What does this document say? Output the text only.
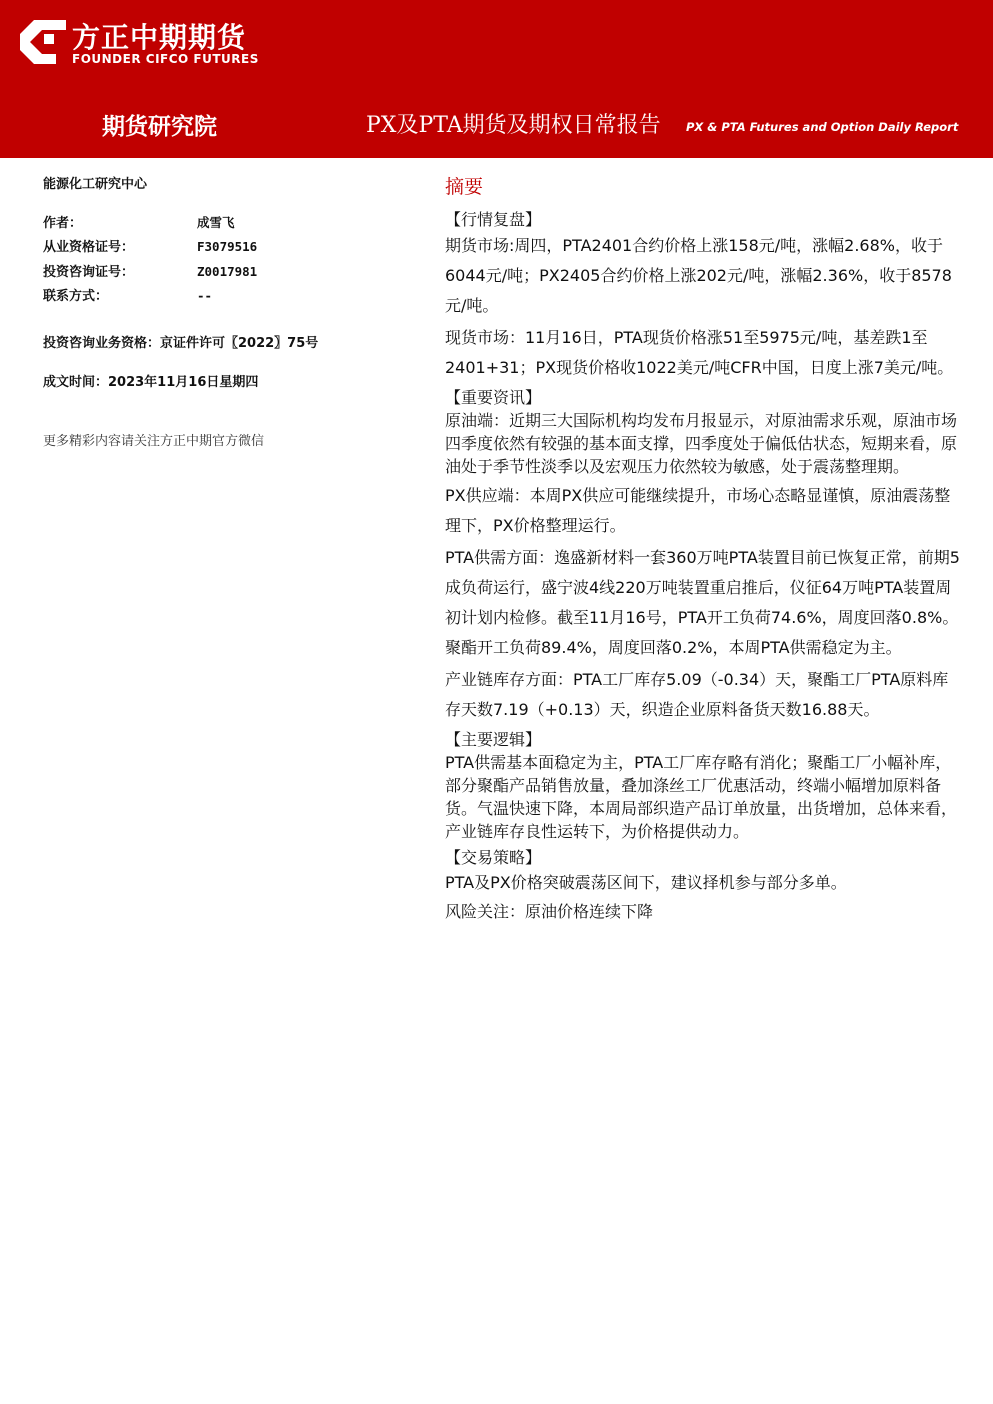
方正中期期货
FOUNDER CIFCO FUTURES
期货研究院	PX及PTA期货及期权日常报告 PX & PTA Futures and Option Daily Report
能源化工研究中心
作者：	成雪飞
从业资格证号：	F3079516
投资咨询证号：	Z0017981
联系方式：	--
投资咨询业务资格：京证件许可〖2022〗75号
成文时间：2023年11月16日星期四
更多精彩内容请关注方正中期官方微信
摘要
【行情复盘】

期货市场:周四，PTA2401合约价格上涨158元/吨，涨幅2.68%，收于6044元/吨；PX2405合约价格上涨202元/吨，涨幅2.36%，收于8578元/吨。

现货市场：11月16日，PTA现货价格涨51至5975元/吨，基差跌1至2401+31；PX现货价格收1022美元/吨CFR中国，日度上涨7美元/吨。

【重要资讯】

原油端：近期三大国际机构均发布月报显示，对原油需求乐观，原油市场四季度依然有较强的基本面支撑，四季度处于偏低估状态，短期来看，原油处于季节性淡季以及宏观压力依然较为敏感，处于震荡整理期。

PX供应端：本周PX供应可能继续提升，市场心态略显谨慎，原油震荡整理下，PX价格整理运行。

PTA供需方面：逸盛新材料一套360万吨PTA装置目前已恢复正常，前期5成负荷运行，盛宁波4线220万吨装置重启推后，仪征64万吨PTA装置周初计划内检修。截至11月16号，PTA开工负荷74.6%，周度回落0.8%。聚酯开工负荷89.4%，周度回落0.2%，本周PTA供需稳定为主。

产业链库存方面：PTA工厂库存5.09（-0.34）天，聚酯工厂PTA原料库存天数7.19（+0.13）天，织造企业原料备货天数16.88天。

【主要逻辑】

PTA供需基本面稳定为主，PTA工厂库存略有消化；聚酯工厂小幅补库，部分聚酯产品销售放量，叠加涤丝工厂优惠活动，终端小幅增加原料备货。气温快速下降，本周局部织造产品订单放量，出货增加，总体来看，产业链库存良性运转下，为价格提供动力。

【交易策略】

PTA及PX价格突破震荡区间下，建议择机参与部分多单。

风险关注：原油价格连续下降
